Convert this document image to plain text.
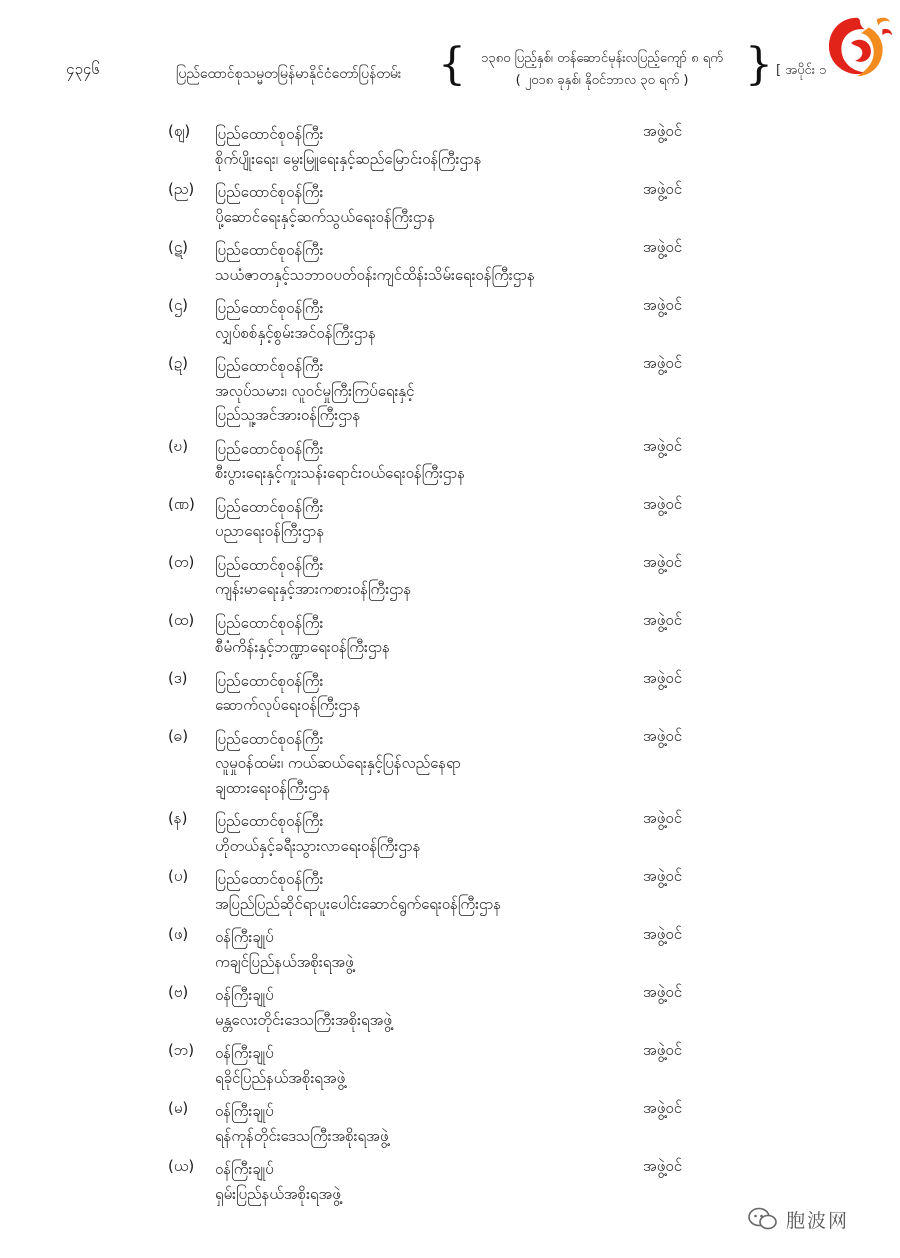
၄၃၄၆	ပြည်ထောင်စုသမ္မတမြန်မာနိုင်ငံတော်ပြန်တမ်း {	၁၃၈၀ ပြည့်နှစ်၊ တန်ဆောင်မုန်းလပြည့်ကျော် ၈ ရက်
( ၂၀၁၈ ခုနှစ်၊ နိုဝင်ဘာလ ၃၀ ရက် )	} [ အပိုင်း ၁
(ဈ)	ပြည်ထောင်စုဝန်ကြီး
စိုက်ပျိုးရေး၊ မွေးမြူရေးနှင့်ဆည်မြောင်းဝန်ကြီးဌာန
အဖွဲ့ဝင်
(ည)	ပြည်ထောင်စုဝန်ကြီး
ပို့ဆောင်ရေးနှင့်ဆက်သွယ်ရေးဝန်ကြီးဌာန
အဖွဲ့ဝင်
(ဋ)	ပြည်ထောင်စုဝန်ကြီး
သယံဇာတနှင့်သဘာဝပတ်ဝန်းကျင်ထိန်းသိမ်းရေးဝန်ကြီးဌာန
အဖွဲ့ဝင်
(ဌ)	ပြည်ထောင်စုဝန်ကြီး
လျှပ်စစ်နှင့်စွမ်းအင်ဝန်ကြီးဌာန
အဖွဲ့ဝင်
(ဍ)	ပြည်ထောင်စုဝန်ကြီး
အလုပ်သမား၊ လူဝင်မှုကြီးကြပ်ရေးနှင့်
ပြည်သူ့အင်အားဝန်ကြီးဌာန
အဖွဲ့ဝင်
(ဎ)	ပြည်ထောင်စုဝန်ကြီး
စီးပွားရေးနှင့်ကူးသန်းရောင်းဝယ်ရေးဝန်ကြီးဌာန
အဖွဲ့ဝင်
(ဏ)	ပြည်ထောင်စုဝန်ကြီး
ပညာရေးဝန်ကြီးဌာန
အဖွဲ့ဝင်
(တ)	ပြည်ထောင်စုဝန်ကြီး
ကျန်းမာရေးနှင့်အားကစားဝန်ကြီးဌာန
အဖွဲ့ဝင်
(ထ)	ပြည်ထောင်စုဝန်ကြီး
စီမံကိန်းနှင့်ဘဏ္ဍာရေးဝန်ကြီးဌာန
အဖွဲ့ဝင်
(ဒ)	ပြည်ထောင်စုဝန်ကြီး
ဆောက်လုပ်ရေးဝန်ကြီးဌာန
အဖွဲ့ဝင်
(ဓ)	ပြည်ထောင်စုဝန်ကြီး
လူမှုဝန်ထမ်း၊ ကယ်ဆယ်ရေးနှင့်ပြန်လည်နေရာ
ချထားရေးဝန်ကြီးဌာန
အဖွဲ့ဝင်
(န)	ပြည်ထောင်စုဝန်ကြီး
ဟိုတယ်နှင့်ခရီးသွားလာရေးဝန်ကြီးဌာန
အဖွဲ့ဝင်
(ပ)	ပြည်ထောင်စုဝန်ကြီး
အပြည်ပြည်ဆိုင်ရာပူးပေါင်းဆောင်ရွက်ရေးဝန်ကြီးဌာန
အဖွဲ့ဝင်
(ဖ)	ဝန်ကြီးချုပ်
ကချင်ပြည်နယ်အစိုးရအဖွဲ့
အဖွဲ့ဝင်
(ဗ)	ဝန်ကြီးချုပ်
မန္တလေးတိုင်းဒေသကြီးအစိုးရအဖွဲ့
အဖွဲ့ဝင်
(ဘ)	ဝန်ကြီးချုပ်
ရခိုင်ပြည်နယ်အစိုးရအဖွဲ့
အဖွဲ့ဝင်
(မ)	ဝန်ကြီးချုပ်
ရန်ကုန်တိုင်းဒေသကြီးအစိုးရအဖွဲ့
အဖွဲ့ဝင်
(ယ)	ဝန်ကြီးချုပ်
ရှမ်းပြည်နယ်အစိုးရအဖွဲ့
အဖွဲ့ဝင်
胞波网
